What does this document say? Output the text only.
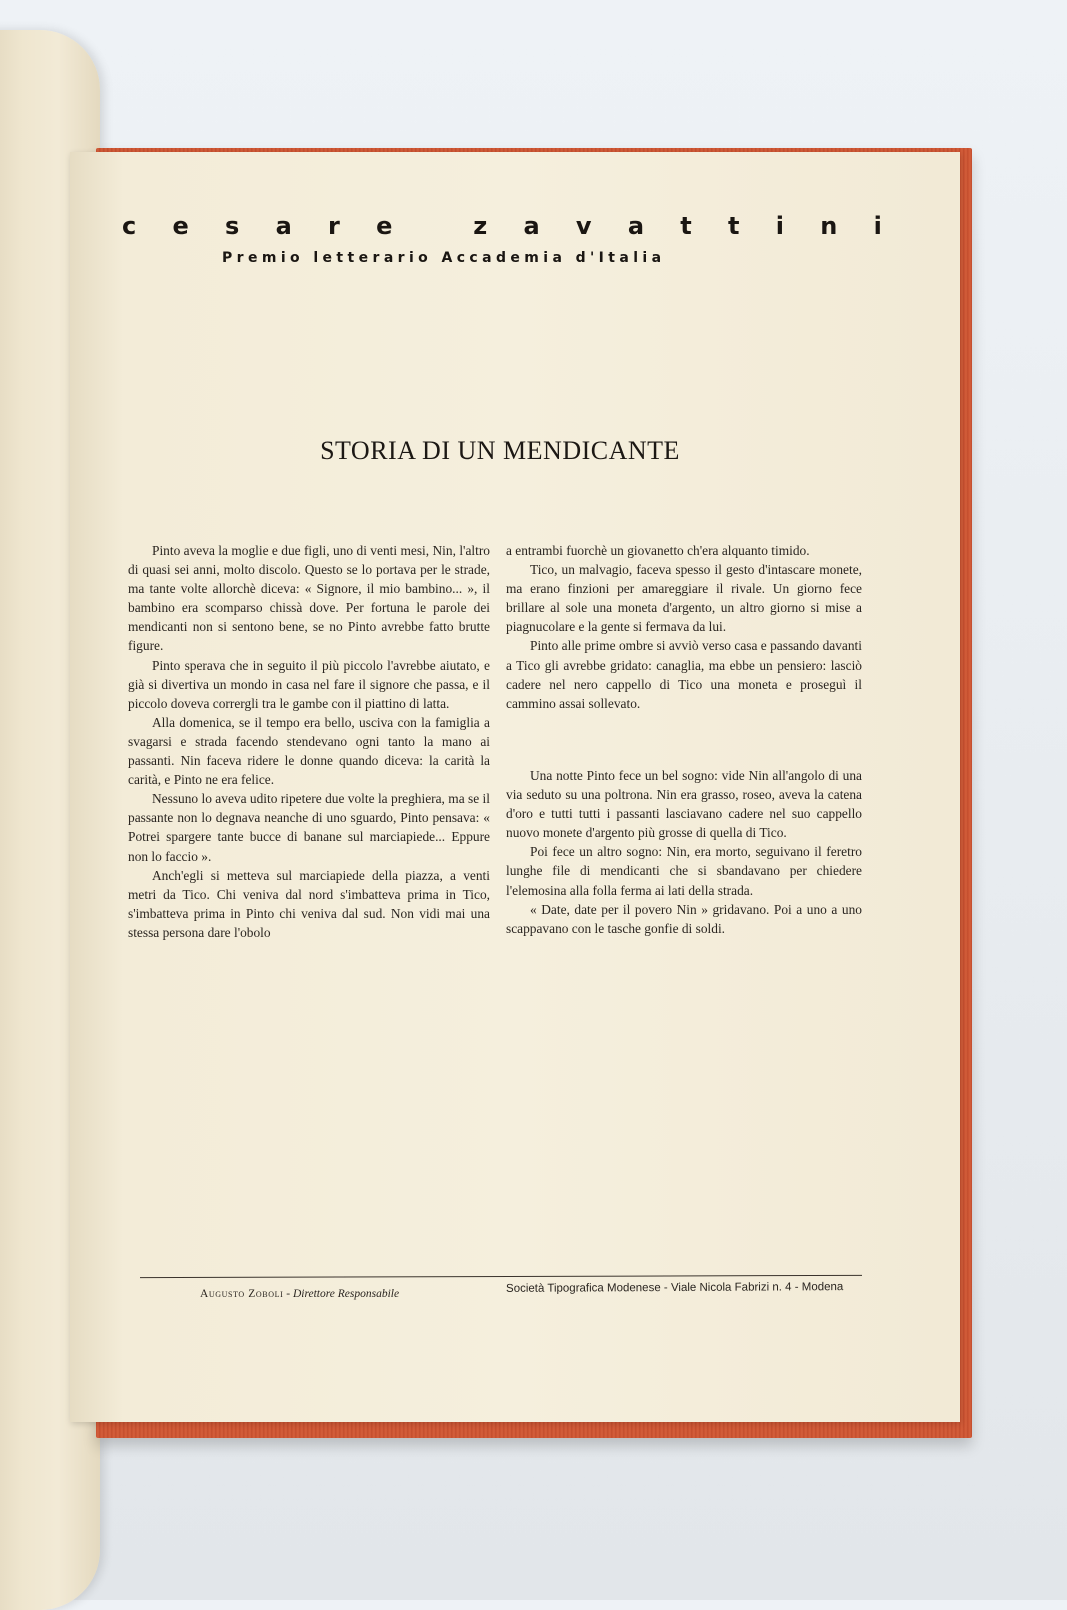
c e s a r e
	z a v a t t i n i
Premio letterario Accademia d'Italia
STORIA DI UN MENDICANTE

Pinto aveva la moglie e due figli, uno di venti mesi, Nin, l'altro di quasi sei anni, molto discolo. Questo se lo portava per le strade, ma tante volte allorchè diceva: « Signore, il mio bambino... », il bambino era scomparso chissà dove. Per fortuna le parole dei mendicanti non si sentono bene, se no Pinto avrebbe fatto brutte figure.

Pinto sperava che in seguito il più piccolo l'avrebbe aiutato, e già si divertiva un mondo in casa nel fare il signore che passa, e il piccolo doveva corrergli tra le gambe con il piattino di latta.

Alla domenica, se il tempo era bello, usciva con la famiglia a svagarsi e strada facendo stendevano ogni tanto la mano ai passanti. Nin faceva ridere le donne quando diceva: la carità la carità, e Pinto ne era felice.

Nessuno lo aveva udito ripetere due volte la preghiera, ma se il passante non lo degnava neanche di uno sguardo, Pinto pensava: « Potrei spargere tante bucce di banane sul marciapiede... Eppure non lo faccio ».

Anch'egli si metteva sul marciapiede della piazza, a venti metri da Tico. Chi veniva dal nord s'imbatteva prima in Tico, s'imbatteva prima in Pinto chi veniva dal sud. Non vidi mai una stessa persona dare l'obolo

a entrambi fuorchè un giovanetto ch'era alquanto timido.

Tico, un malvagio, faceva spesso il gesto d'intascare monete, ma erano finzioni per amareggiare il rivale. Un giorno fece brillare al sole una moneta d'argento, un altro giorno si mise a piagnucolare e la gente si fermava da lui.

Pinto alle prime ombre si avviò verso casa e passando davanti a Tico gli avrebbe gridato: canaglia, ma ebbe un pensiero: lasciò cadere nel nero cappello di Tico una moneta e proseguì il cammino assai sollevato.

Una notte Pinto fece un bel sogno: vide Nin all'angolo di una via seduto su una poltrona. Nin era grasso, roseo, aveva la catena d'oro e tutti tutti i passanti lasciavano cadere nel suo cappello nuovo monete d'argento più grosse di quella di Tico.

Poi fece un altro sogno: Nin, era morto, seguivano il feretro lunghe file di mendicanti che si sbandavano per chiedere l'elemosina alla folla ferma ai lati della strada.

« Date, date per il povero Nin » gridavano. Poi a uno a uno scappavano con le tasche gonfie di soldi.

Augusto Zoboli - Direttore Responsabile	Società Tipografica Modenese - Viale Nicola Fabrizi n. 4 - Modena
